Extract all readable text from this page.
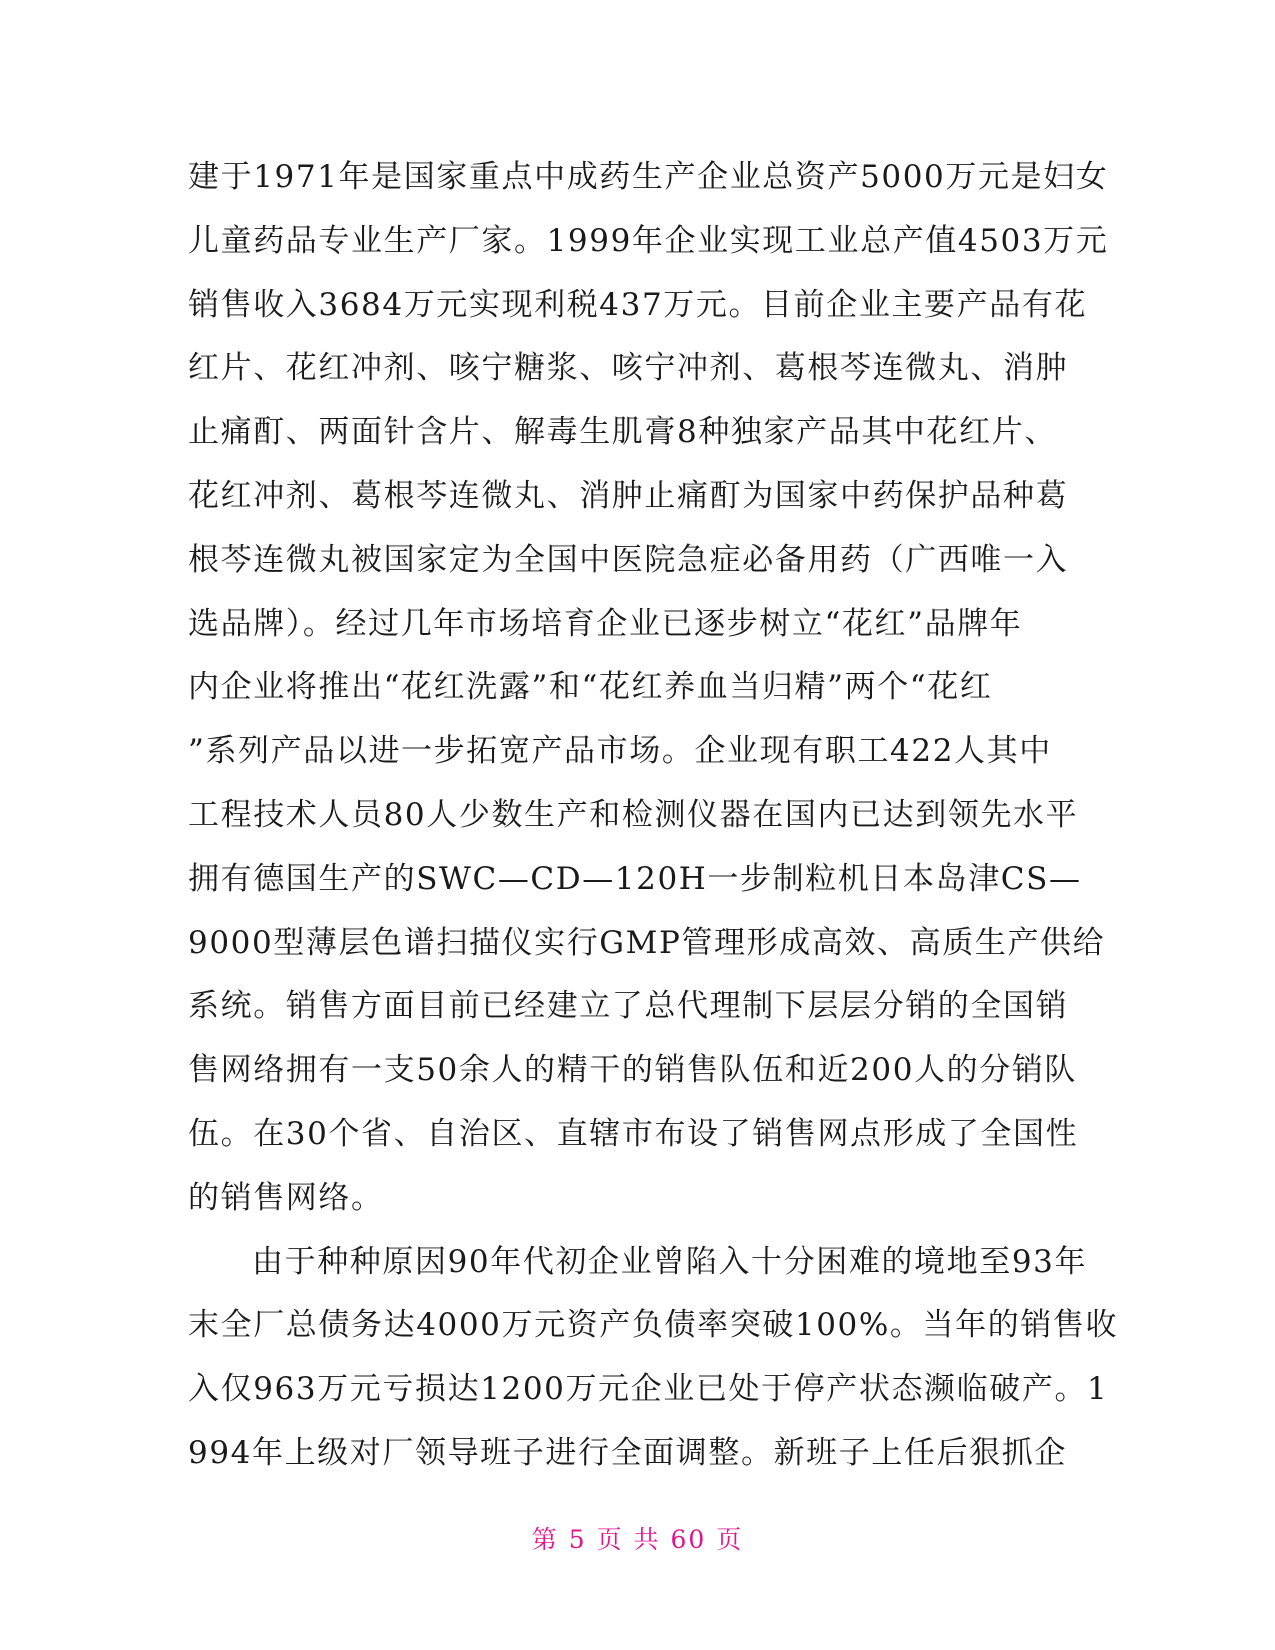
建于1971年是国家重点中成药生产企业总资产5000万元是妇女
儿童药品专业生产厂家。1999年企业实现工业总产值4503万元
销售收入3684万元实现利税437万元。目前企业主要产品有花
红片、花红冲剂、咳宁糖浆、咳宁冲剂、葛根芩连微丸、消肿
止痛酊、两面针含片、解毒生肌膏8种独家产品其中花红片、
花红冲剂、葛根芩连微丸、消肿止痛酊为国家中药保护品种葛
根芩连微丸被国家定为全国中医院急症必备用药（广西唯一入
选品牌）。经过几年市场培育企业已逐步树立“花红”品牌年
内企业将推出“花红洗露”和“花红养血当归精”两个“花红
”系列产品以进一步拓宽产品市场。企业现有职工422人其中
工程技术人员80人少数生产和检测仪器在国内已达到领先水平
拥有德国生产的SWC—CD—120H一步制粒机日本岛津CS—
9000型薄层色谱扫描仪实行GMP管理形成高效、高质生产供给
系统。销售方面目前已经建立了总代理制下层层分销的全国销
售网络拥有一支50余人的精干的销售队伍和近200人的分销队
伍。在30个省、自治区、直辖市布设了销售网点形成了全国性
的销售网络。
由于种种原因90年代初企业曾陷入十分困难的境地至93年
末全厂总债务达4000万元资产负债率突破100%。当年的销售收
入仅963万元亏损达1200万元企业已处于停产状态濒临破产。1
994年上级对厂领导班子进行全面调整。新班子上任后狠抓企
第 5 页 共 60 页
